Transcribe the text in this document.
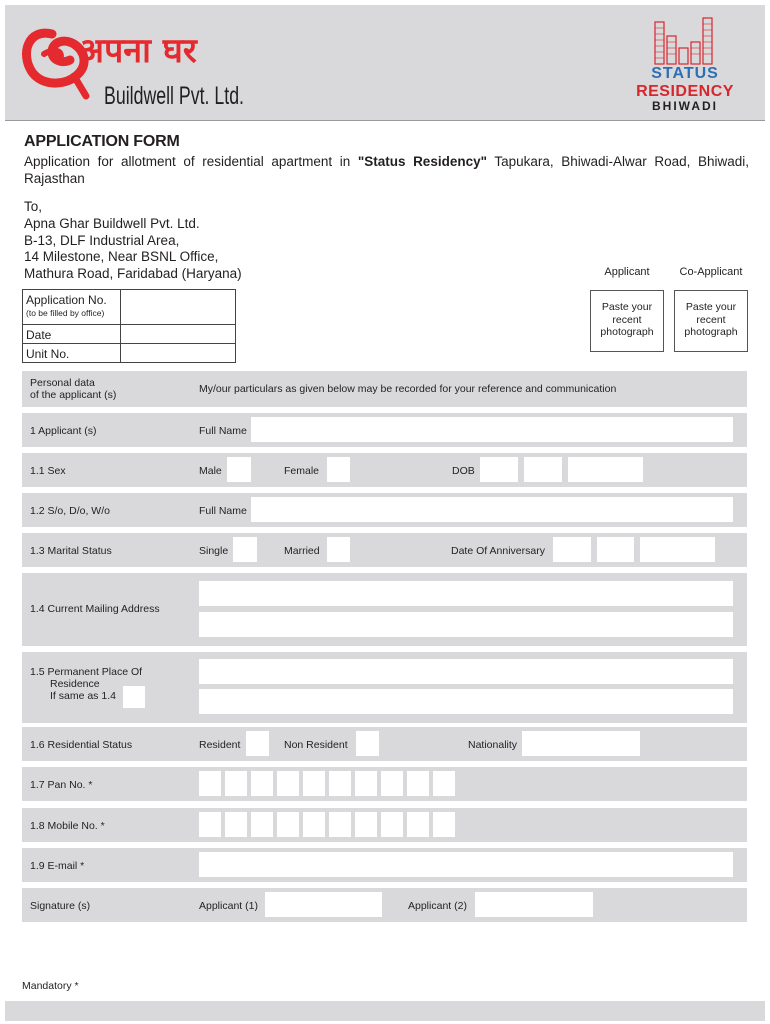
अपना घर
Buildwell Pvt. Ltd.
STATUS
RESIDENCY
BHIWADI
APPLICATION FORM
Application for allotment of residential apartment in "Status Residency" Tapukara, Bhiwadi-Alwar Road, Bhiwadi, Rajasthan
To,
Apna Ghar Buildwell Pvt. Ltd.
B-13, DLF Industrial Area,
14 Milestone, Near BSNL Office,
Mathura Road, Faridabad (Haryana)	Applicant	Co-Applicant
Paste your
recent
photograph
Paste your
recent
photograph
Application No.
(to be filled by office)
Date
Unit No.
Personal data
of the applicant (s)	My/our particulars as given below may be recorded for your reference and communication
1 Applicant (s)	Full Name
1.1 Sex	Male	Female	DOB
1.2 S/o, D/o, W/o	Full Name
1.3 Marital Status	Single	Married	Date Of Anniversary
1.4 Current Mailing Address
1.5 Permanent Place Of
Residence
If same as 1.4
1.6 Residential Status	Resident	Non Resident	Nationality
1.7 Pan No. *
1.8 Mobile No. *
1.9 E-mail *
Signature (s)	Applicant (1)	Applicant (2)
Mandatory *
